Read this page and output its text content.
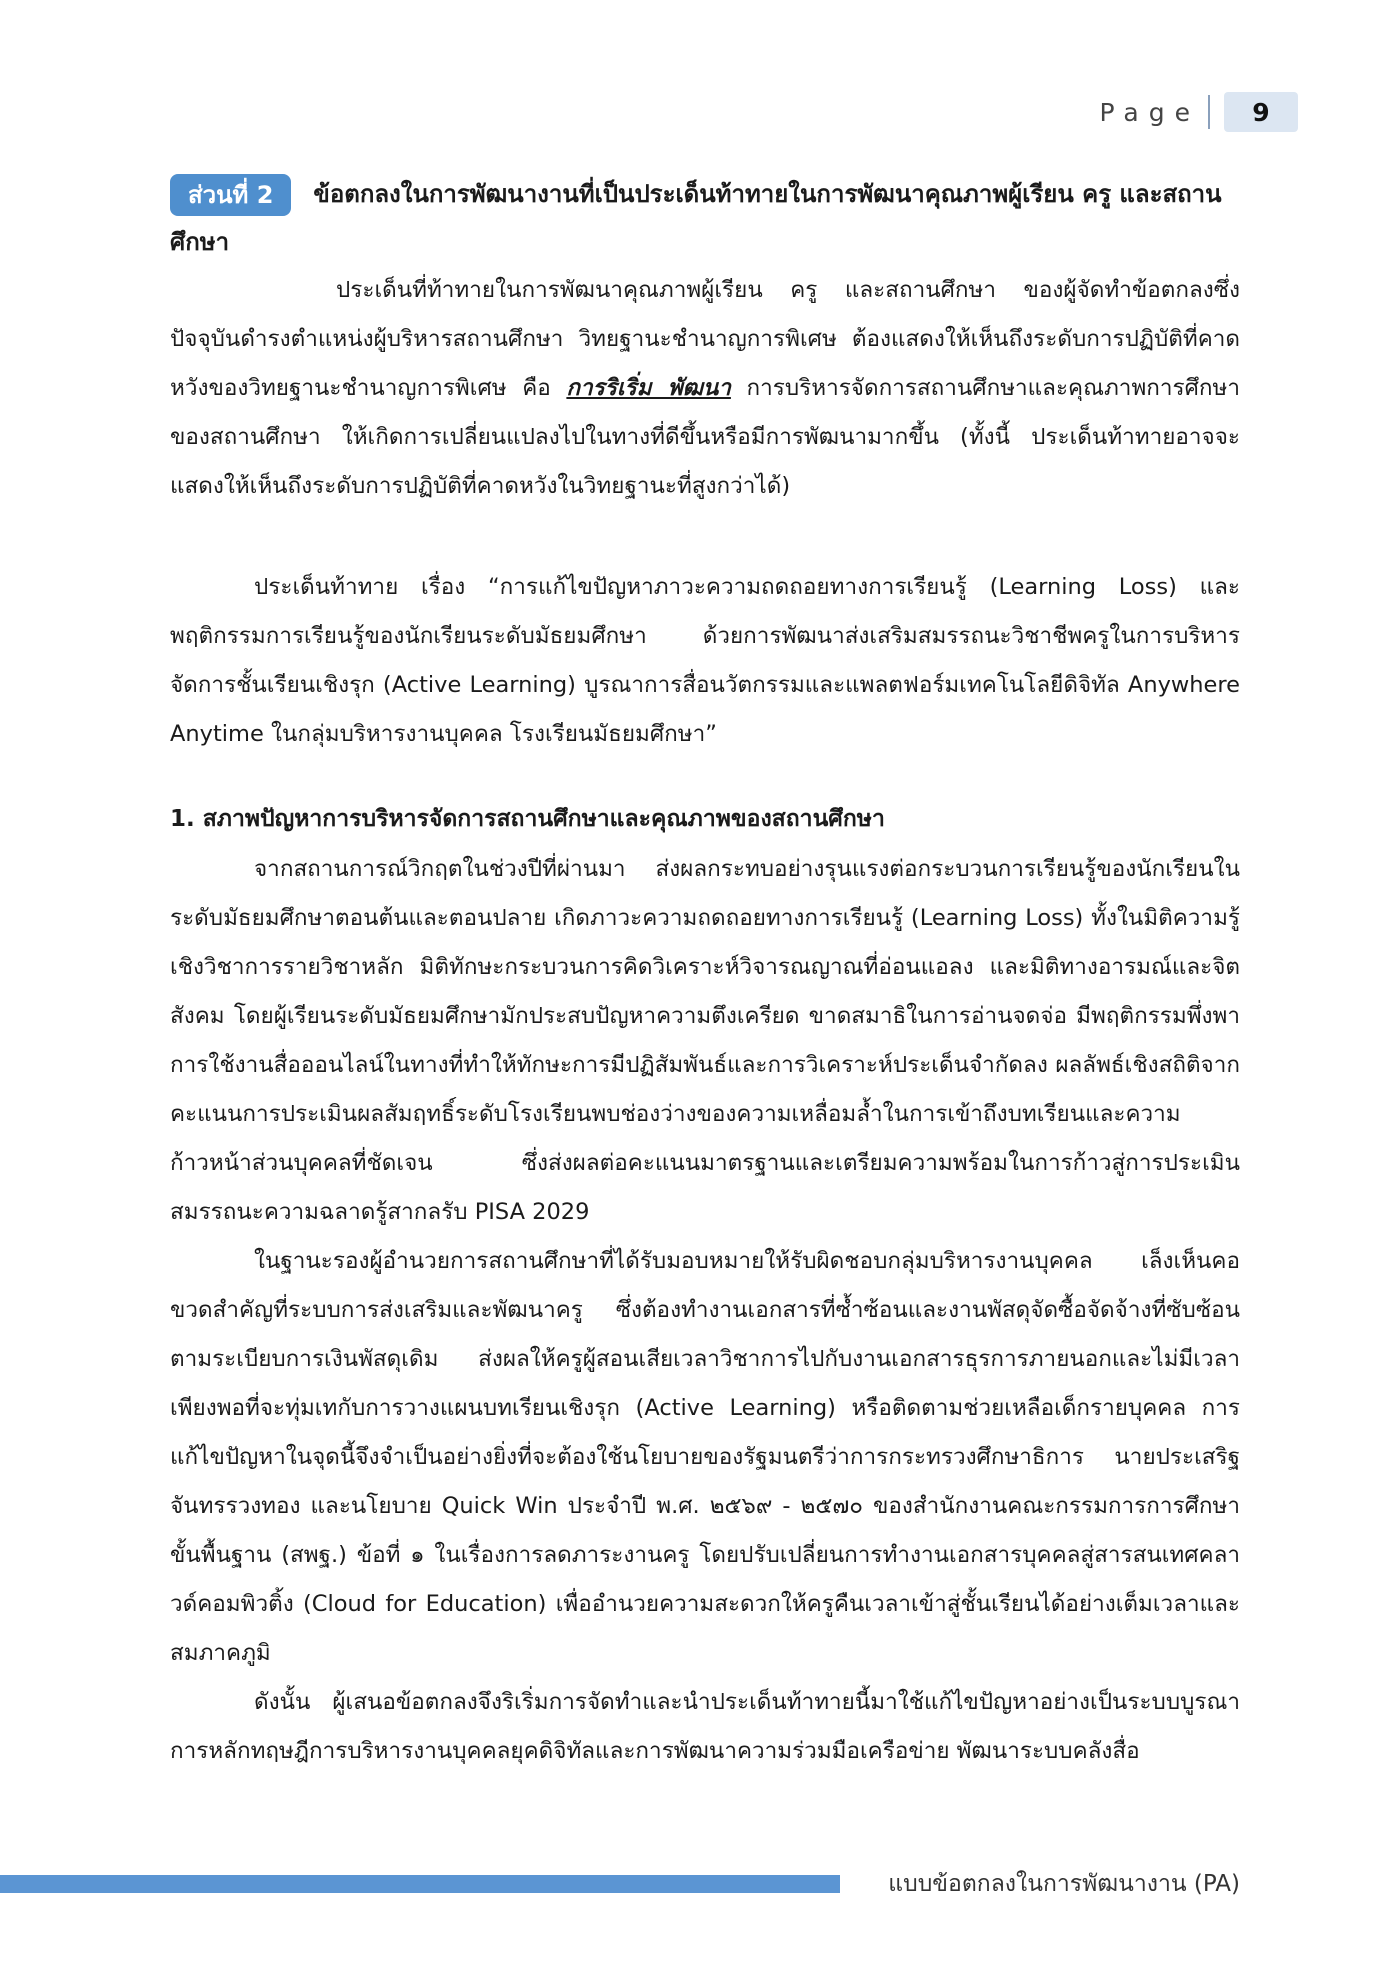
Page	9
ส่วนที่ 2 ข้อตกลงในการพัฒนางานที่เป็นประเด็นท้าทายในการพัฒนาคุณภาพผู้เรียน ครู และสถานศึกษา

ประเด็นที่ท้าทายในการพัฒนาคุณภาพผู้เรียน ครู และสถานศึกษา ของผู้จัดทำข้อตกลงซึ่งปัจจุบันดำรงตำแหน่งผู้บริหารสถานศึกษา วิทยฐานะชำนาญการพิเศษ ต้องแสดงให้เห็นถึงระดับการปฏิบัติที่คาดหวังของวิทยฐานะชำนาญการพิเศษ คือ การริเริ่ม พัฒนา การบริหารจัดการสถานศึกษาและคุณภาพการศึกษาของสถานศึกษา ให้เกิดการเปลี่ยนแปลงไปในทางที่ดีขึ้นหรือมีการพัฒนามากขึ้น (ทั้งนี้ ประเด็นท้าทายอาจจะแสดงให้เห็นถึงระดับการปฏิบัติที่คาดหวังในวิทยฐานะที่สูงกว่าได้)

ประเด็นท้าทาย เรื่อง “การแก้ไขปัญหาภาวะความถดถอยทางการเรียนรู้ (Learning Loss) และพฤติกรรมการเรียนรู้ของนักเรียนระดับมัธยมศึกษา ด้วยการพัฒนาส่งเสริมสมรรถนะวิชาชีพครูในการบริหารจัดการชั้นเรียนเชิงรุก (Active Learning) บูรณาการสื่อนวัตกรรมและแพลตฟอร์มเทคโนโลยีดิจิทัล Anywhere Anytime ในกลุ่มบริหารงานบุคคล โรงเรียนมัธยมศึกษา”

1. สภาพปัญหาการบริหารจัดการสถานศึกษาและคุณภาพของสถานศึกษา

จากสถานการณ์วิกฤตในช่วงปีที่ผ่านมา ส่งผลกระทบอย่างรุนแรงต่อกระบวนการเรียนรู้ของนักเรียนในระดับมัธยมศึกษาตอนต้นและตอนปลาย เกิดภาวะความถดถอยทางการเรียนรู้ (Learning Loss) ทั้งในมิติความรู้เชิงวิชาการรายวิชาหลัก มิติทักษะกระบวนการคิดวิเคราะห์วิจารณญาณที่อ่อนแอลง และมิติทางอารมณ์และจิตสังคม โดยผู้เรียนระดับมัธยมศึกษามักประสบปัญหาความตึงเครียด ขาดสมาธิในการอ่านจดจ่อ มีพฤติกรรมพึ่งพาการใช้งานสื่อออนไลน์ในทางที่ทำให้ทักษะการมีปฏิสัมพันธ์และการวิเคราะห์ประเด็นจำกัดลง ผลลัพธ์เชิงสถิติจากคะแนนการประเมินผลสัมฤทธิ์ระดับโรงเรียนพบช่องว่างของความเหลื่อมล้ำในการเข้าถึงบทเรียนและความก้าวหน้าส่วนบุคคลที่ชัดเจน ซึ่งส่งผลต่อคะแนนมาตรฐานและเตรียมความพร้อมในการก้าวสู่การประเมินสมรรถนะความฉลาดรู้สากลรับ PISA 2029

ในฐานะรองผู้อำนวยการสถานศึกษาที่ได้รับมอบหมายให้รับผิดชอบกลุ่มบริหารงานบุคคล เล็งเห็นคอขวดสำคัญที่ระบบการส่งเสริมและพัฒนาครู ซึ่งต้องทำงานเอกสารที่ซ้ำซ้อนและงานพัสดุจัดซื้อจัดจ้างที่ซับซ้อนตามระเบียบการเงินพัสดุเดิม ส่งผลให้ครูผู้สอนเสียเวลาวิชาการไปกับงานเอกสารธุรการภายนอกและไม่มีเวลาเพียงพอที่จะทุ่มเทกับการวางแผนบทเรียนเชิงรุก (Active Learning) หรือติดตามช่วยเหลือเด็กรายบุคคล การแก้ไขปัญหาในจุดนี้จึงจำเป็นอย่างยิ่งที่จะต้องใช้นโยบายของรัฐมนตรีว่าการกระทรวงศึกษาธิการ นายประเสริฐ จันทรรวงทอง และนโยบาย Quick Win ประจำปี พ.ศ. ๒๕๖๙ - ๒๕๗๐ ของสำนักงานคณะกรรมการการศึกษาขั้นพื้นฐาน (สพฐ.) ข้อที่ ๑ ในเรื่องการลดภาระงานครู โดยปรับเปลี่ยนการทำงานเอกสารบุคคลสู่สารสนเทศคลาวด์คอมพิวติ้ง (Cloud for Education) เพื่ออำนวยความสะดวกให้ครูคืนเวลาเข้าสู่ชั้นเรียนได้อย่างเต็มเวลาและสมภาคภูมิ

ดังนั้น ผู้เสนอข้อตกลงจึงริเริ่มการจัดทำและนำประเด็นท้าทายนี้มาใช้แก้ไขปัญหาอย่างเป็นระบบบูรณาการหลักทฤษฎีการบริหารงานบุคคลยุคดิจิทัลและการพัฒนาความร่วมมือเครือข่าย พัฒนาระบบคลังสื่อ

แบบข้อตกลงในการพัฒนางาน (PA)
